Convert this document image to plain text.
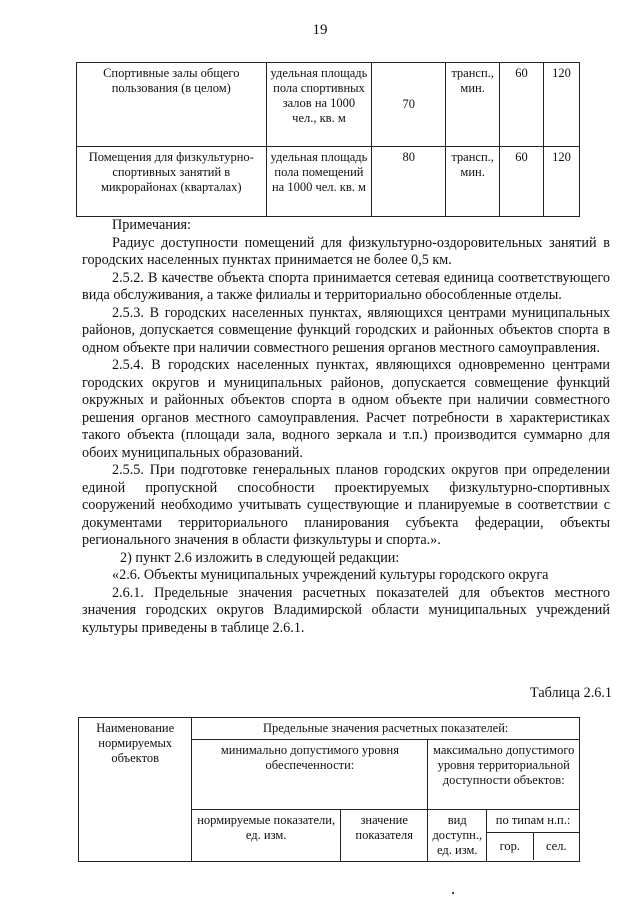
19
Спортивные залы общего пользования (в целом)	удельная площадь пола спортивных залов на 1000 чел., кв. м	70	трансп., мин.	60	120
Помещения для физкультурно-спортивных занятий в микрорайонах (кварталах)	удельная площадь пола помещений на 1000 чел. кв. м	80	трансп., мин.	60	120

Примечания:

Радиус доступности помещений для физкультурно-оздоровительных занятий в городских населенных пунктах принимается не более 0,5 км.

2.5.2. В качестве объекта спорта принимается сетевая единица соответствующего вида обслуживания, а также филиалы и территориально обособленные отделы.

2.5.3. В городских населенных пунктах, являющихся центрами муниципальных районов, допускается совмещение функций городских и районных объектов спорта в одном объекте при наличии совместного решения органов местного самоуправления.

2.5.4. В городских населенных пунктах, являющихся одновременно центрами городских округов и муниципальных районов, допускается совмещение функций окружных и районных объектов спорта в одном объекте при наличии совместного решения органов местного самоуправления. Расчет потребности в характеристиках такого объекта (площади зала, водного зеркала и т.п.) производится суммарно для обоих муниципальных образований.

2.5.5. При подготовке генеральных планов городских округов при определении единой пропускной способности проектируемых физкультурно-спортивных сооружений необходимо учитывать существующие и планируемые в соответствии с документами территориального планирования субъекта федерации, объекты регионального значения в области физкультуры и спорта.».

2) пункт 2.6 изложить в следующей редакции:

«2.6. Объекты муниципальных учреждений культуры городского округа

2.6.1. Предельные значения расчетных показателей для объектов местного значения городских округов Владимирской области муниципальных учреждений культуры приведены в таблице 2.6.1.

Таблица 2.6.1
Наименование нормируемых объектов	Предельные значения расчетных показателей:			
	минимально допустимого уровня обеспеченности:		максимально допустимого уровня территориальной доступности объектов:	
	нормируемые показатели, ед. изм.	значение показателя	вид доступн., ед. изм.	по типам н.п.:
гор. сел.
